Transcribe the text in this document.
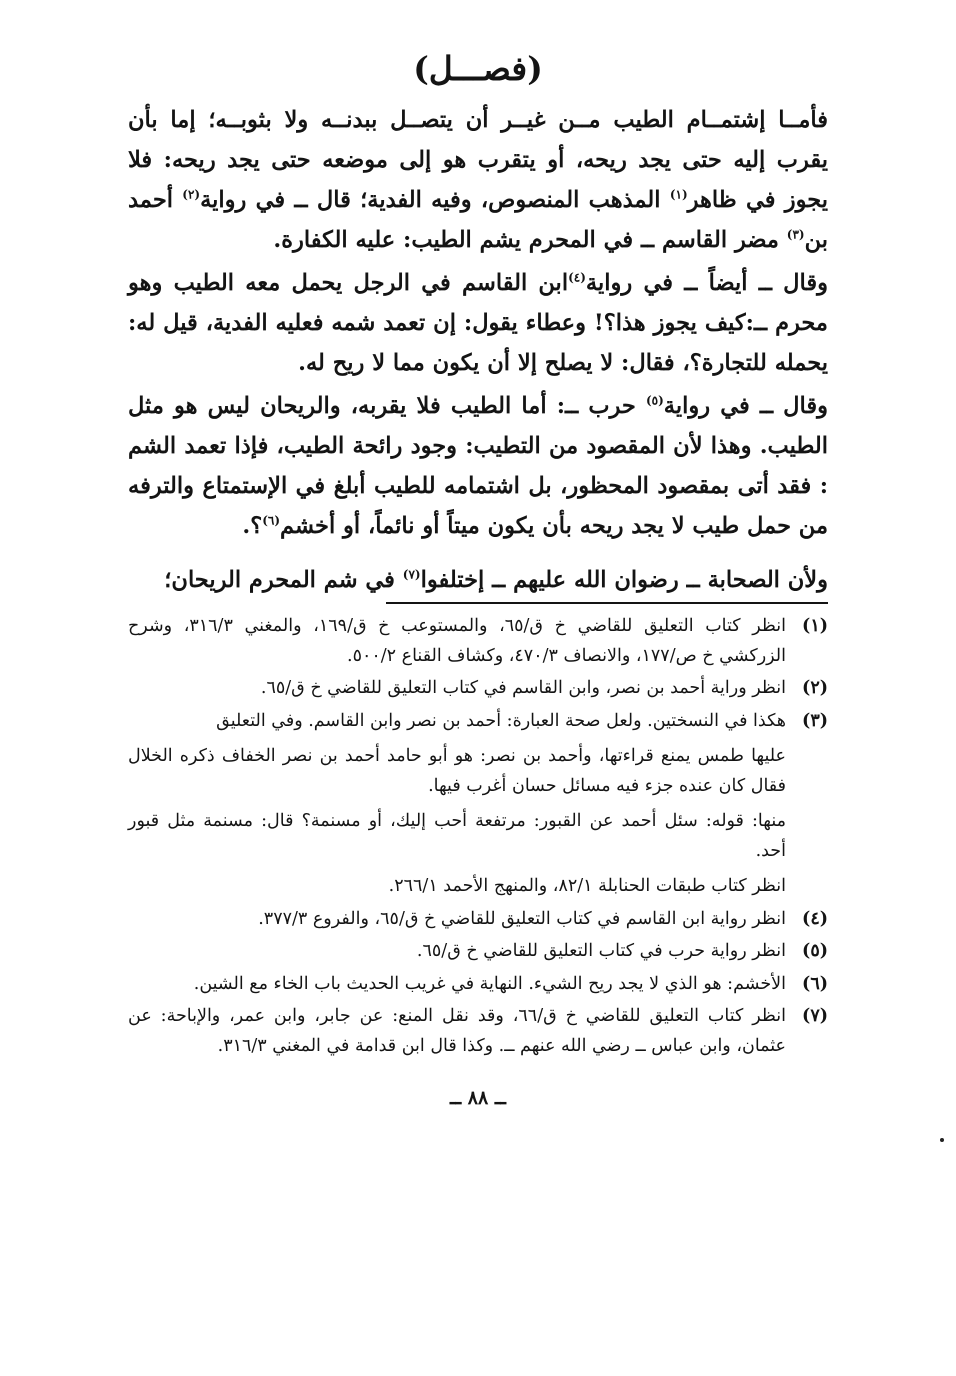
(فصـــل)

فأمــا إشتمــام الطيب مــن غيــر أن يتصــل ببدنــه ولا بثوبــه؛ إما بأن يقرب إليه حتى يجد ريحه، أو يتقرب هو إلى موضعه حتى يجد ريحه: فلا يجوز في ظاهر$^{(١)}$ المذهب المنصوص، وفيه الفدية؛ قال ــ في رواية$^{(٢)}$ أحمد بن$^{(٣)}$ مضر القاسم ــ في المحرم يشم الطيب: عليه الكفارة.

وقال ــ أيضاً ــ في رواية$^{(٤)}$ابن القاسم في الرجل يحمل معه الطيب وهو محرم ــ:كيف يجوز هذا؟! وعطاء يقول: إن تعمد شمه فعليه الفدية، قيل له: يحمله للتجارة؟، فقال: لا يصلح إلا أن يكون مما لا ريح له.

وقال ــ في رواية$^{(٥)}$ حرب ــ: أما الطيب فلا يقربه، والريحان ليس هو مثل الطيب. وهذا لأن المقصود من التطيب: وجود رائحة الطيب، فإذا تعمد الشم : فقد أتى بمقصود المحظور، بل اشتمامه للطيب أبلغ في الإستمتاع والترفه من حمل طيب لا يجد ريحه بأن يكون ميتاً أو نائماً، أو أخشم$^{(٦)}$؟.

ولأن الصحابة ــ رضوان الله عليهم ــ إختلفوا$^{(٧)}$ في شم المحرم الريحان؛

(١)
انظر كتاب التعليق للقاضي خ ق/٦٥، والمستوعب خ ق/١٦٩، والمغني ٣١٦/٣، وشرح الزركشي خ ص/١٧٧، والانصاف ٤٧٠/٣، وكشاف القناع ٥٠٠/٢.
(٢)
انظر وراية أحمد بن نصر، وابن القاسم في كتاب التعليق للقاضي خ ق/٦٥.
(٣)
هكذا في النسختين. ولعل صحة العبارة: أحمد بن نصر وابن القاسم. وفي التعليق
عليها طمس يمنع قراءتها، وأحمد بن نصر: هو أبو حامد أحمد بن نصر الخفاف ذكره الخلال فقال كان عنده جزء فيه مسائل حسان أغرب فيها.
منها: قوله: سئل أحمد عن القبور: مرتفعة أحب إليك، أو مسنمة؟ قال: مسنمة مثل قبور أحد.
انظر كتاب طبقات الحنابلة ٨٢/١، والمنهج الأحمد ٢٦٦/١.
(٤)
انظر رواية ابن القاسم في كتاب التعليق للقاضي خ ق/٦٥، والفروع ٣٧٧/٣.
(٥)
انظر رواية حرب في كتاب التعليق للقاضي خ ق/٦٥.
(٦)
الأخشم: هو الذي لا يجد ريح الشيء. النهاية في غريب الحديث باب الخاء مع الشين.
(٧)
انظر كتاب التعليق للقاضي خ ق/٦٦، وقد نقل المنع: عن جابر، وابن عمر، والإباحة: عن عثمان، وابن عباس ــ رضي الله عنهم ــ. وكذا قال ابن قدامة في المغني ٣١٦/٣.
ــ ٨٨ ــ
